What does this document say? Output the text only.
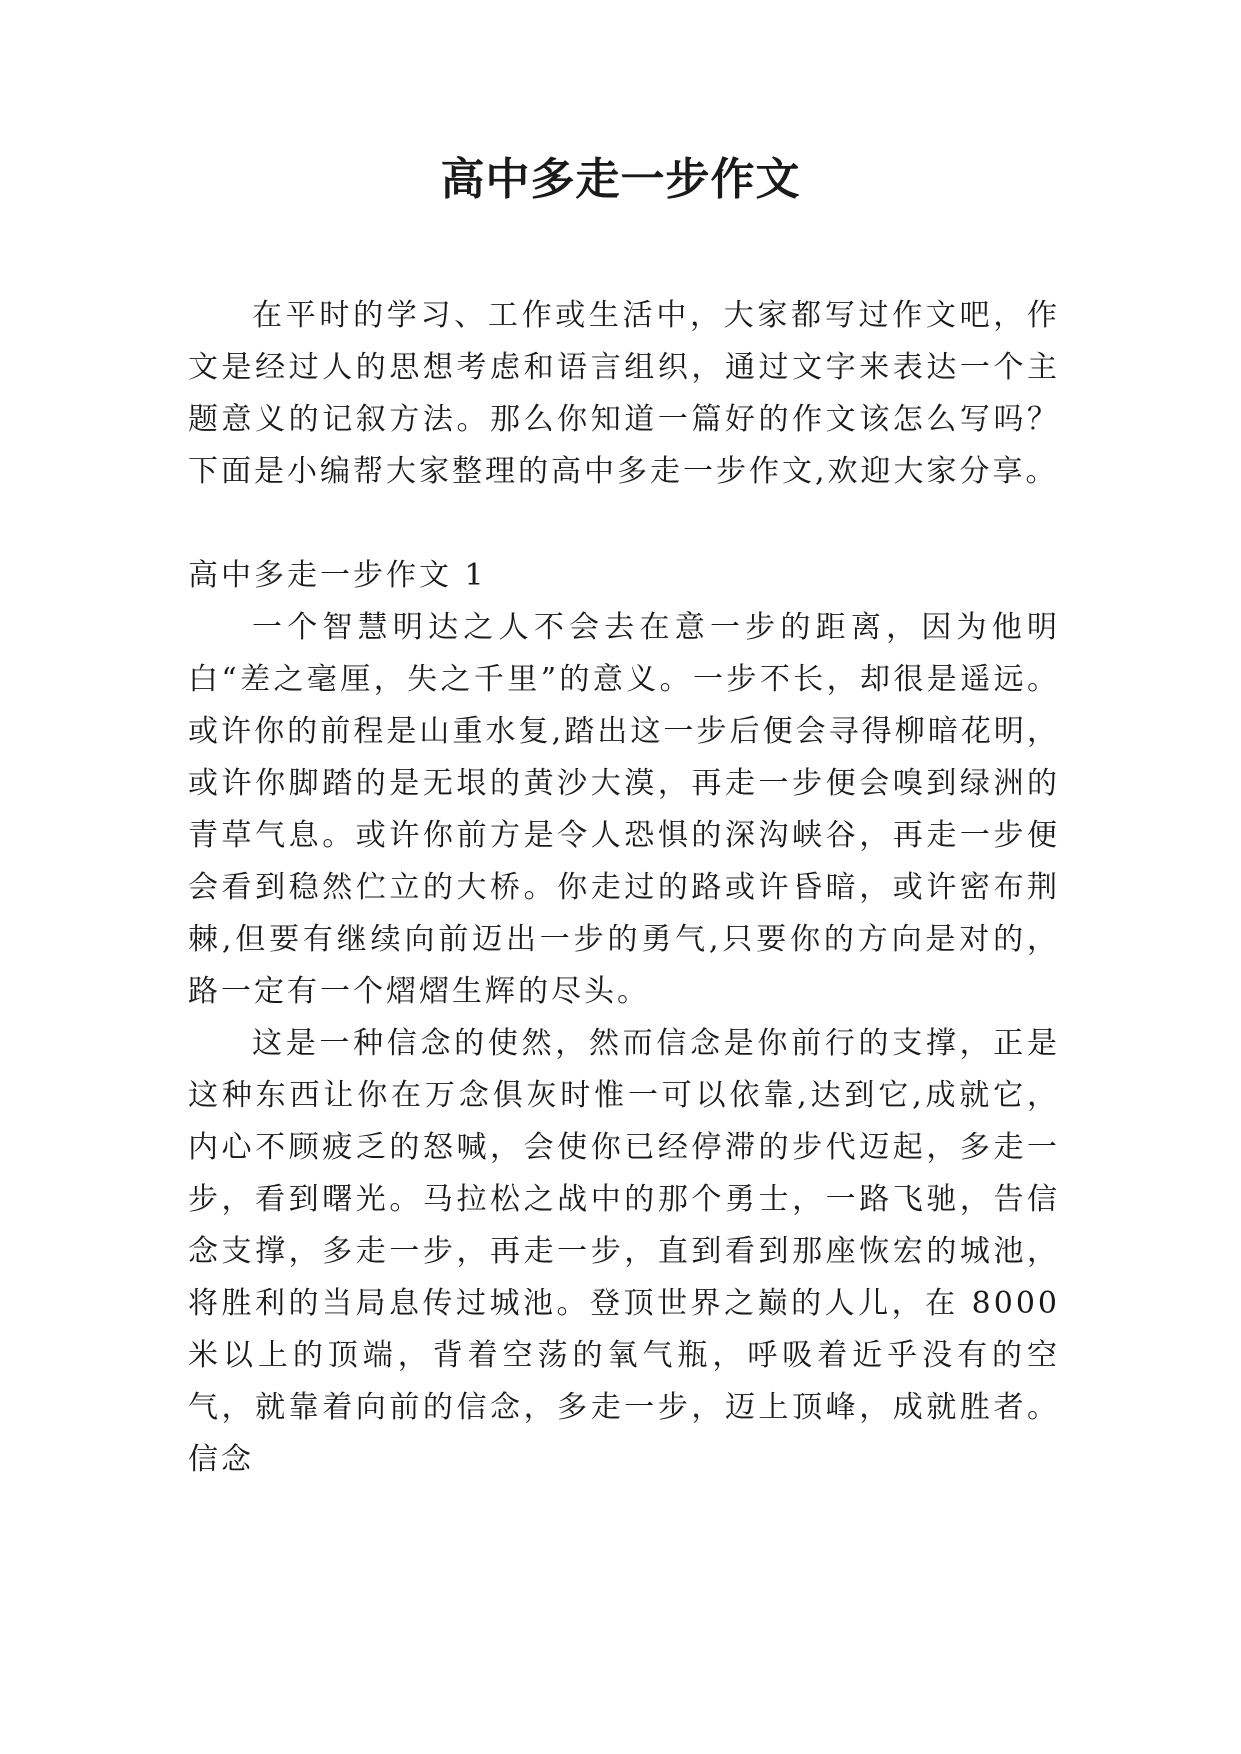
高中多走一步作文

在平时的学习、工作或生活中，大家都写过作文吧，作文是经过人的思想考虑和语言组织，通过文字来表达一个主题意义的记叙方法。那么你知道一篇好的作文该怎么写吗？下面是小编帮大家整理的高中多走一步作文,欢迎大家分享。

高中多走一步作文 1

一个智慧明达之人不会去在意一步的距离，因为他明白“差之毫厘，失之千里”的意义。一步不长，却很是遥远。或许你的前程是山重水复,踏出这一步后便会寻得柳暗花明，或许你脚踏的是无垠的黄沙大漠，再走一步便会嗅到绿洲的青草气息。或许你前方是令人恐惧的深沟峡谷，再走一步便会看到稳然伫立的大桥。你走过的路或许昏暗，或许密布荆棘,但要有继续向前迈出一步的勇气,只要你的方向是对的，路一定有一个熠熠生辉的尽头。

这是一种信念的使然，然而信念是你前行的支撑，正是这种东西让你在万念俱灰时惟一可以依靠,达到它,成就它，内心不顾疲乏的怒喊，会使你已经停滞的步代迈起，多走一步，看到曙光。马拉松之战中的那个勇士，一路飞驰，告信念支撑，多走一步，再走一步，直到看到那座恢宏的城池，将胜利的当局息传过城池。登顶世界之巅的人儿，在 8000 米以上的顶端，背着空荡的氧气瓶，呼吸着近乎没有的空气，就靠着向前的信念，多走一步，迈上顶峰，成就胜者。信念
